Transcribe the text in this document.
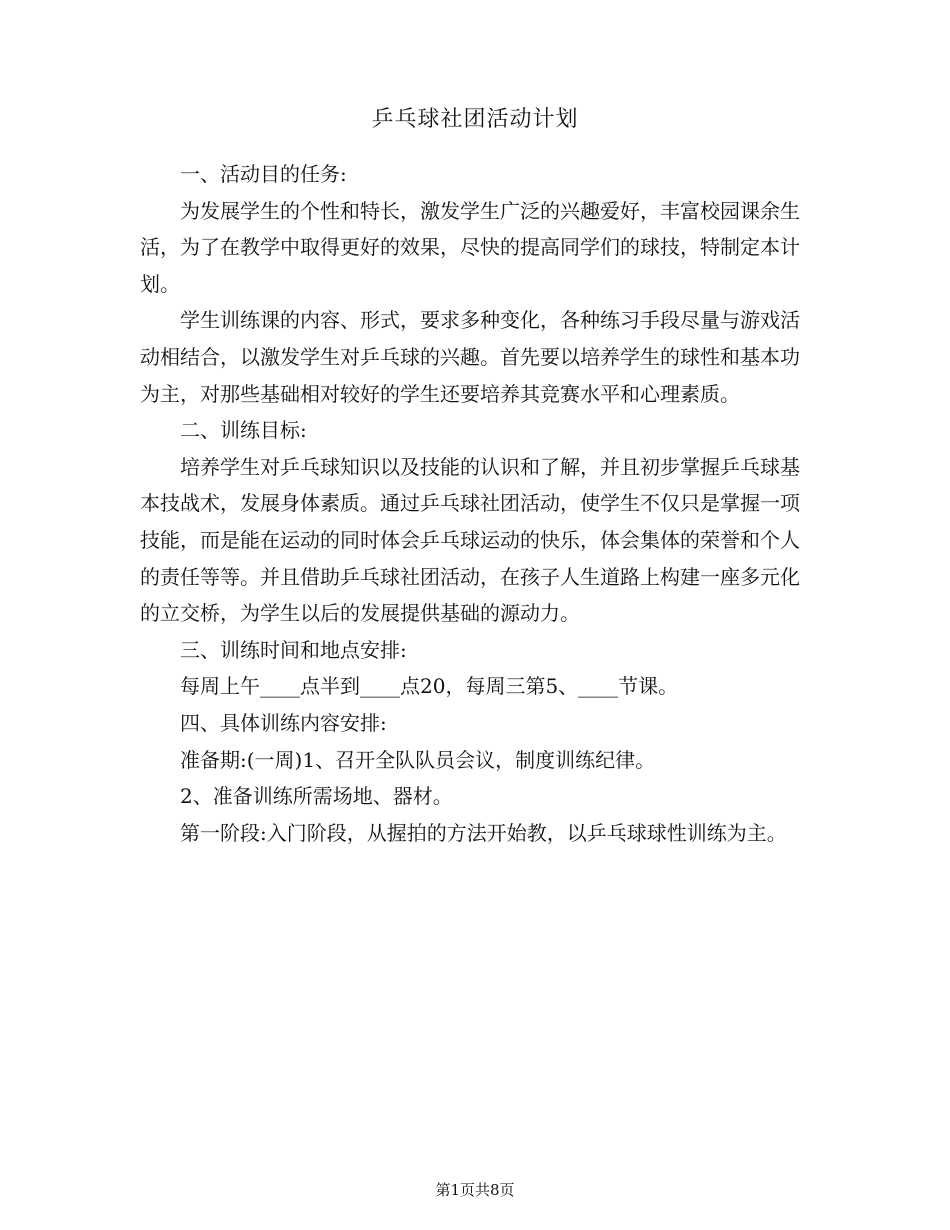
乒乓球社团活动计划

一、活动目的任务:

为发展学生的个性和特长，激发学生广泛的兴趣爱好，丰富校园课余生活，为了在教学中取得更好的效果，尽快的提高同学们的球技，特制定本计划。

学生训练课的内容、形式，要求多种变化，各种练习手段尽量与游戏活动相结合，以激发学生对乒乓球的兴趣。首先要以培养学生的球性和基本功为主，对那些基础相对较好的学生还要培养其竞赛水平和心理素质。

二、训练目标:

培养学生对乒乓球知识以及技能的认识和了解，并且初步掌握乒乓球基本技战术，发展身体素质。通过乒乓球社团活动，使学生不仅只是掌握一项技能，而是能在运动的同时体会乒乓球运动的快乐，体会集体的荣誉和个人的责任等等。并且借助乒乓球社团活动，在孩子人生道路上构建一座多元化的立交桥，为学生以后的发展提供基础的源动力。

三、训练时间和地点安排:

每周上午____点半到____点20，每周三第5、____节课。

四、具体训练内容安排:

准备期:(一周)1、召开全队队员会议，制度训练纪律。

2、准备训练所需场地、器材。

第一阶段:入门阶段，从握拍的方法开始教，以乒乓球球性训练为主。

第1页共8页
